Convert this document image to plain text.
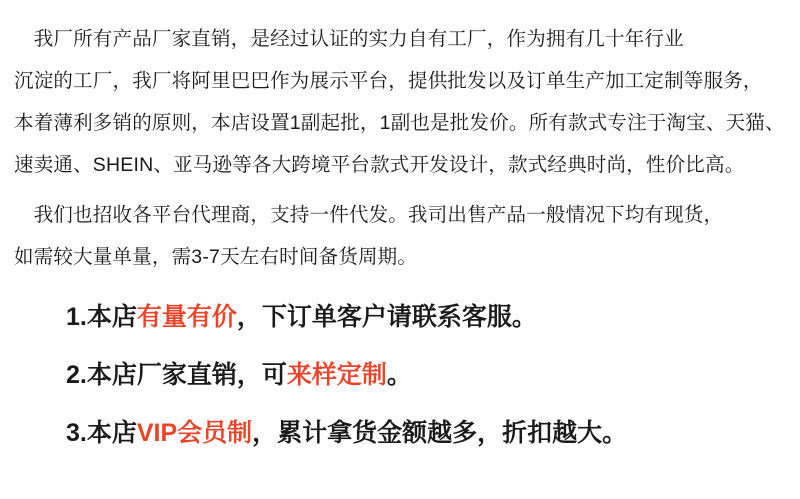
　我厂所有产品厂家直销，是经过认证的实力自有工厂，作为拥有几十年行业
沉淀的工厂，我厂将阿里巴巴作为展示平台，提供批发以及订单生产加工定制等服务，
本着薄利多销的原则，本店设置1副起批，1副也是批发价。所有款式专注于淘宝、天猫、
速卖通、SHEIN、亚马逊等各大跨境平台款式开发设计，款式经典时尚，性价比高。
　我们也招收各平台代理商，支持一件代发。我司出售产品一般情况下均有现货，
如需较大量单量，需3-7天左右时间备货周期。
1.本店有量有价，下订单客户请联系客服。
2.本店厂家直销，可来样定制。
3.本店VIP会员制，累计拿货金额越多，折扣越大。
